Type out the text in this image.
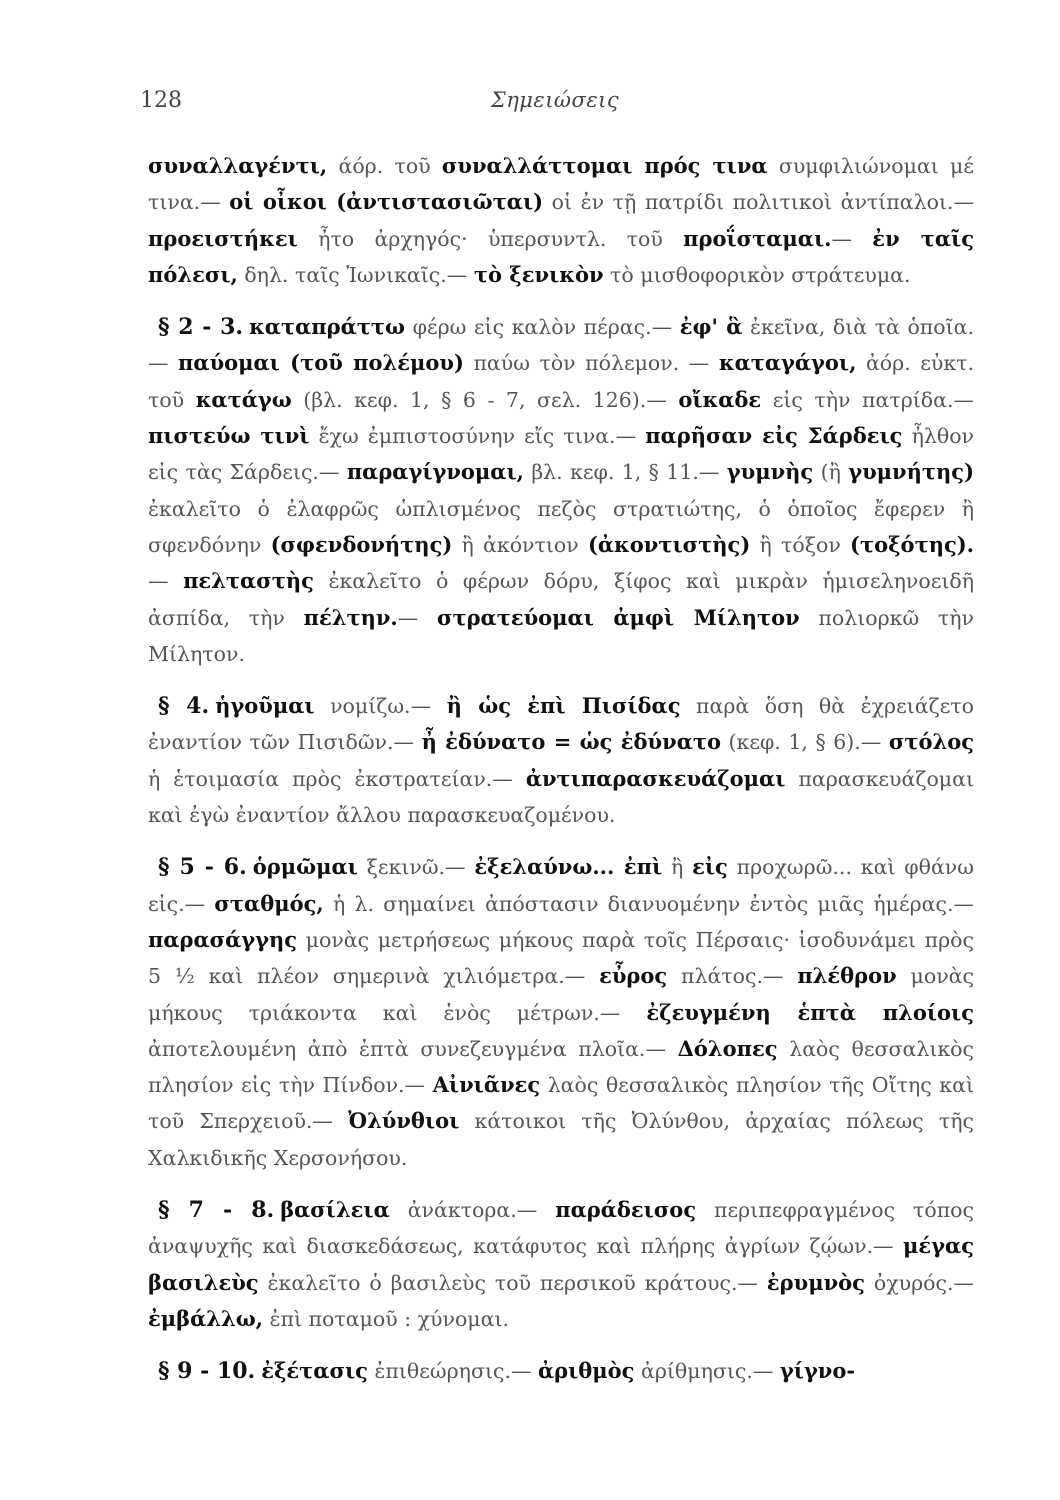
128	Σημειώσεις

συναλλαγέντι, άόρ. τοῦ συναλλάττομαι πρός τινα συμφιλιώνομαι μέ τινα.— οἱ οἶκοι (ἀντιστασιῶται) οἱ ἐν τῇ πατρίδι πολιτικοὶ ἀντίπαλοι.— προειστήκει ἦτο ἀρχηγός· ὑπερσυντλ. τοῦ προΐσταμαι.— ἐν ταῖς πόλεσι, δηλ. ταῖς Ἰωνικαῖς.— τὸ ξενικὸν τὸ μισθοφορικὸν στράτευμα.

§ 2 - 3. καταπράττω φέρω εἰς καλὸν πέρας.— ἐφ' ἃ ἐκεῖνα, διὰ τὰ ὁποῖα.— παύομαι (τοῦ πολέμου) παύω τὸν πόλεμον. — καταγάγοι, ἀόρ. εὐκτ. τοῦ κατάγω (βλ. κεφ. 1, § 6 - 7, σελ. 126).— οἴκαδε εἰς τὴν πατρίδα.— πιστεύω τινὶ ἔχω ἐμπιστοσύνην εἴς τινα.— παρῆσαν εἰς Σάρδεις ἦλθον εἰς τὰς Σάρδεις.— παραγίγνομαι, βλ. κεφ. 1, § 11.— γυμνὴς (ἢ γυμνήτης) ἐκαλεῖτο ὁ ἐλαφρῶς ὡπλισμένος πεζὸς στρατιώτης, ὁ ὁποῖος ἔφερεν ἢ σφενδόνην (σφενδονήτης) ἢ ἀκόντιον (ἀκοντιστὴς) ἢ τόξον (τοξότης). — πελταστὴς ἐκαλεῖτο ὁ φέρων δόρυ, ξίφος καὶ μικρὰν ἡμισεληνοειδῆ ἀσπίδα, τὴν πέλτην.— στρατεύομαι ἀμφὶ Μίλητον πολιορκῶ τὴν Μίλητον.

§ 4. ἡγοῦμαι νομίζω.— ἢ ὡς ἐπὶ Πισίδας παρὰ ὅση θὰ ἐχρειάζετο ἐναντίον τῶν Πισιδῶν.— ἦ ἐδύνατο = ὡς ἐδύνατο (κεφ. 1, § 6).— στόλος ἡ ἑτοιμασία πρὸς ἐκστρατείαν.— ἀντιπαρασκευάζομαι παρασκευάζομαι καὶ ἐγὼ ἐναντίον ἄλλου παρασκευαζομένου.

§ 5 - 6. ὁρμῶμαι ξεκινῶ.— ἐξελαύνω... ἐπὶ ἢ εἰς προχωρῶ... καὶ φθάνω εἰς.— σταθμός, ἡ λ. σημαίνει ἀπόστασιν διανυομένην ἐντὸς μιᾶς ἡμέρας.— παρασάγγης μονὰς μετρήσεως μήκους παρὰ τοῖς Πέρσαις· ἰσοδυνάμει πρὸς 5 ½ καὶ πλέον σημερινὰ χιλιόμετρα.— εὖρος πλάτος.— πλέθρον μονὰς μήκους τριάκοντα καὶ ἑνὸς μέτρων.— ἐζευγμένη ἑπτὰ πλοίοις ἀποτελουμένη ἀπὸ ἑπτὰ συνεζευγμένα πλοῖα.— Δόλοπες λαὸς θεσσαλικὸς πλησίον εἰς τὴν Πίνδον.— Αἰνιᾶνες λαὸς θεσσαλικὸς πλησίον τῆς Οἴτης καὶ τοῦ Σπερχειοῦ.— Ὀλύνθιοι κάτοικοι τῆς Ὀλύνθου, ἀρχαίας πόλεως τῆς Χαλκιδικῆς Χερσονήσου.

§ 7 - 8. βασίλεια ἀνάκτορα.— παράδεισος περιπεφραγμένος τόπος ἀναψυχῆς καὶ διασκεδάσεως, κατάφυτος καὶ πλήρης ἀγρίων ζῴων.— μέγας βασιλεὺς ἐκαλεῖτο ὁ βασιλεὺς τοῦ περσικοῦ κράτους.— ἐρυμνὸς ὀχυρός.— ἐμβάλλω, ἐπὶ ποταμοῦ : χύνομαι.

§ 9 - 10. ἐξέτασις ἐπιθεώρησις.— ἀριθμὸς ἀρίθμησις.— γίγνο-
